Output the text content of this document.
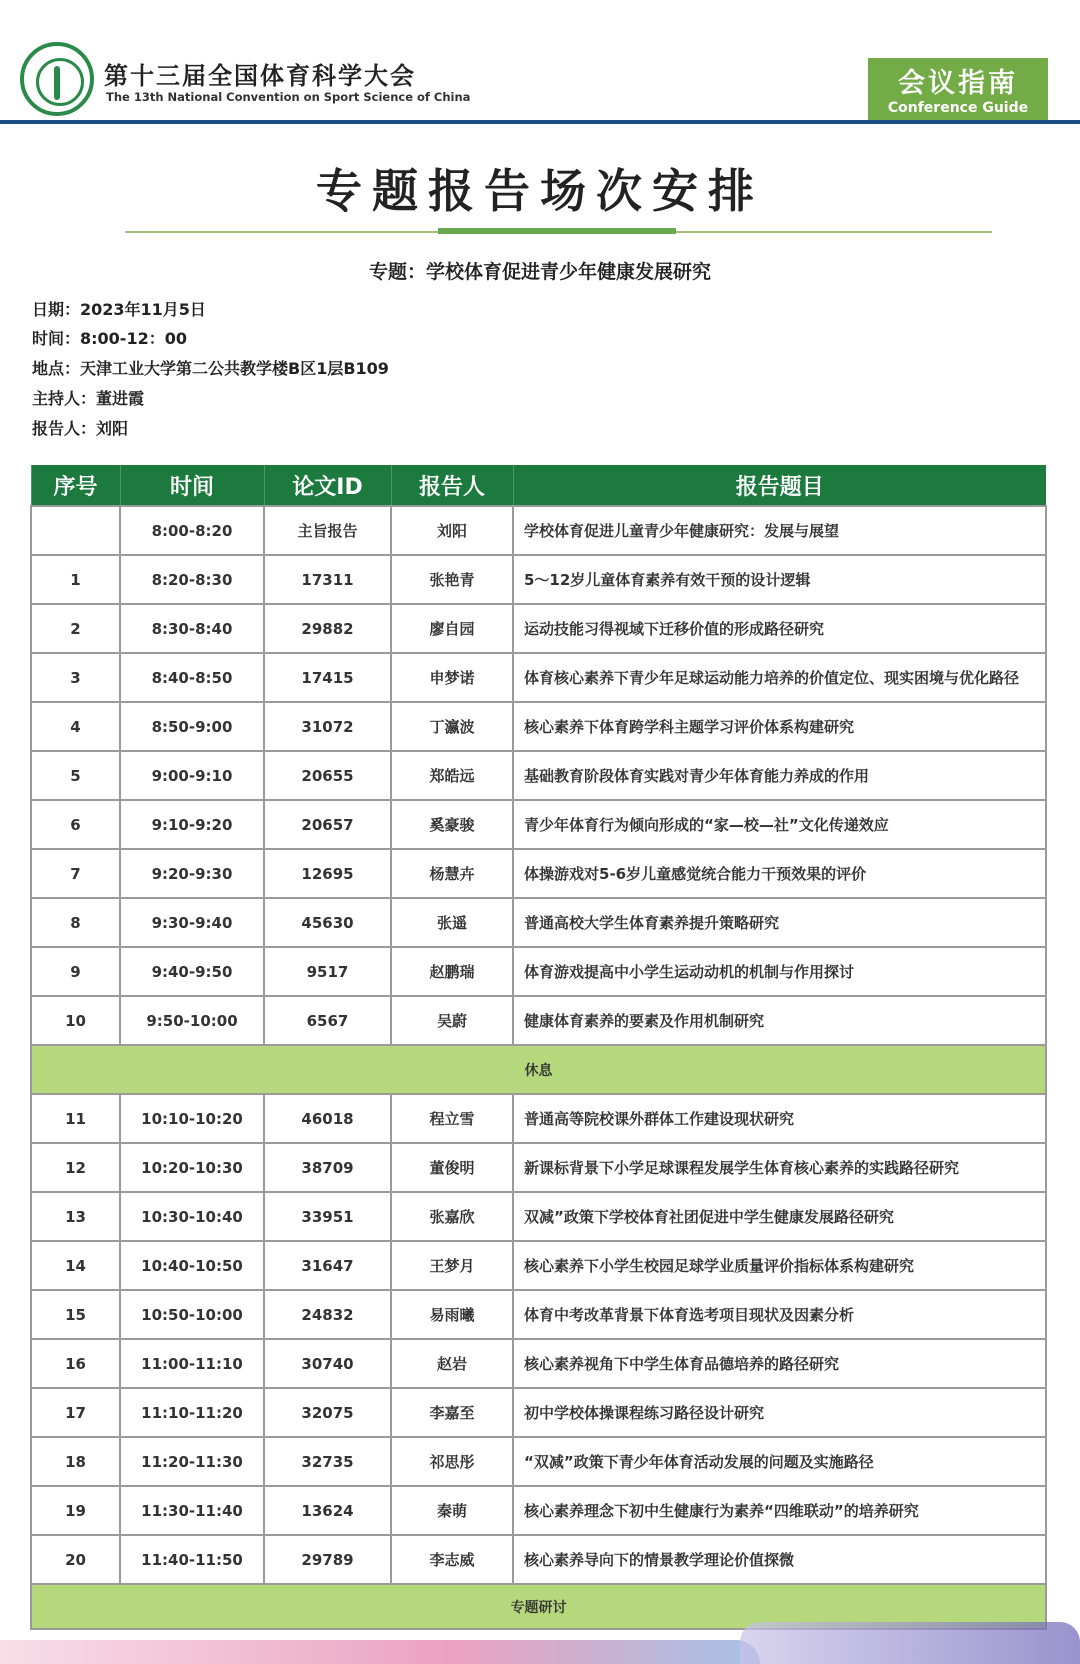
第十三届全国体育科学大会
The 13th National Convention on Sport Science of China	会议指南
Conference Guide
专题报告场次安排
专题：学校体育促进青少年健康发展研究
日期：2023年11月5日
时间：8:00-12：00
地点：天津工业大学第二公共教学楼B区1层B109
主持人：董进霞
报告人：刘阳
序号	时间	论文ID	报告人	报告题目
	8:00-8:20	主旨报告	刘阳	学校体育促进儿童青少年健康研究：发展与展望
1	8:20-8:30	17311	张艳青	5～12岁儿童体育素养有效干预的设计逻辑
2	8:30-8:40	29882	廖自园	运动技能习得视域下迁移价值的形成路径研究
3	8:40-8:50	17415	申梦诺	体育核心素养下青少年足球运动能力培养的价值定位、现实困境与优化路径
4	8:50-9:00	31072	丁瀛波	核心素养下体育跨学科主题学习评价体系构建研究
5	9:00-9:10	20655	郑皓远	基础教育阶段体育实践对青少年体育能力养成的作用
6	9:10-9:20	20657	奚豪骏	青少年体育行为倾向形成的“家—校—社”文化传递效应
7	9:20-9:30	12695	杨慧卉	体操游戏对5-6岁儿童感觉统合能力干预效果的评价
8	9:30-9:40	45630	张遥	普通高校大学生体育素养提升策略研究
9	9:40-9:50	9517	赵鹏瑞	体育游戏提高中小学生运动动机的机制与作用探讨
10	9:50-10:00	6567	吴蔚	健康体育素养的要素及作用机制研究
休息				
11	10:10-10:20	46018	程立雪	普通高等院校课外群体工作建设现状研究
12	10:20-10:30	38709	董俊明	新课标背景下小学足球课程发展学生体育核心素养的实践路径研究
13	10:30-10:40	33951	张嘉欣	双减”政策下学校体育社团促进中学生健康发展路径研究
14	10:40-10:50	31647	王梦月	核心素养下小学生校园足球学业质量评价指标体系构建研究
15	10:50-10:00	24832	易雨曦	体育中考改革背景下体育选考项目现状及因素分析
16	11:00-11:10	30740	赵岩	核心素养视角下中学生体育品德培养的路径研究
17	11:10-11:20	32075	李嘉至	初中学校体操课程练习路径设计研究
18	11:20-11:30	32735	祁思彤	“双减”政策下青少年体育活动发展的问题及实施路径
19	11:30-11:40	13624	秦萌	核心素养理念下初中生健康行为素养“四维联动”的培养研究
20	11:40-11:50	29789	李志威	核心素养导向下的情景教学理论价值探微
专题研讨				
